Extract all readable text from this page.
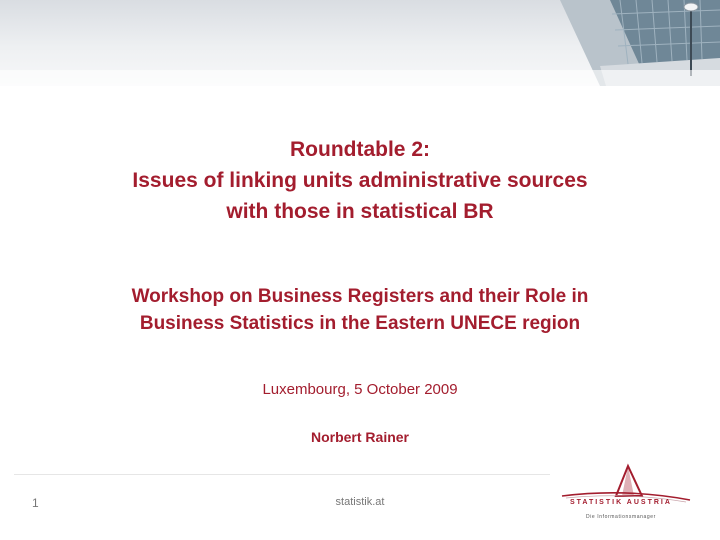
Roundtable 2:
Issues of linking units administrative sources
with those in statistical BR
Workshop on Business Registers and their Role in
Business Statistics in the Eastern UNECE region
Luxembourg, 5 October 2009
Norbert Rainer
1	statistik.at	STATISTIK AUSTRIA
Die Informationsmanager
